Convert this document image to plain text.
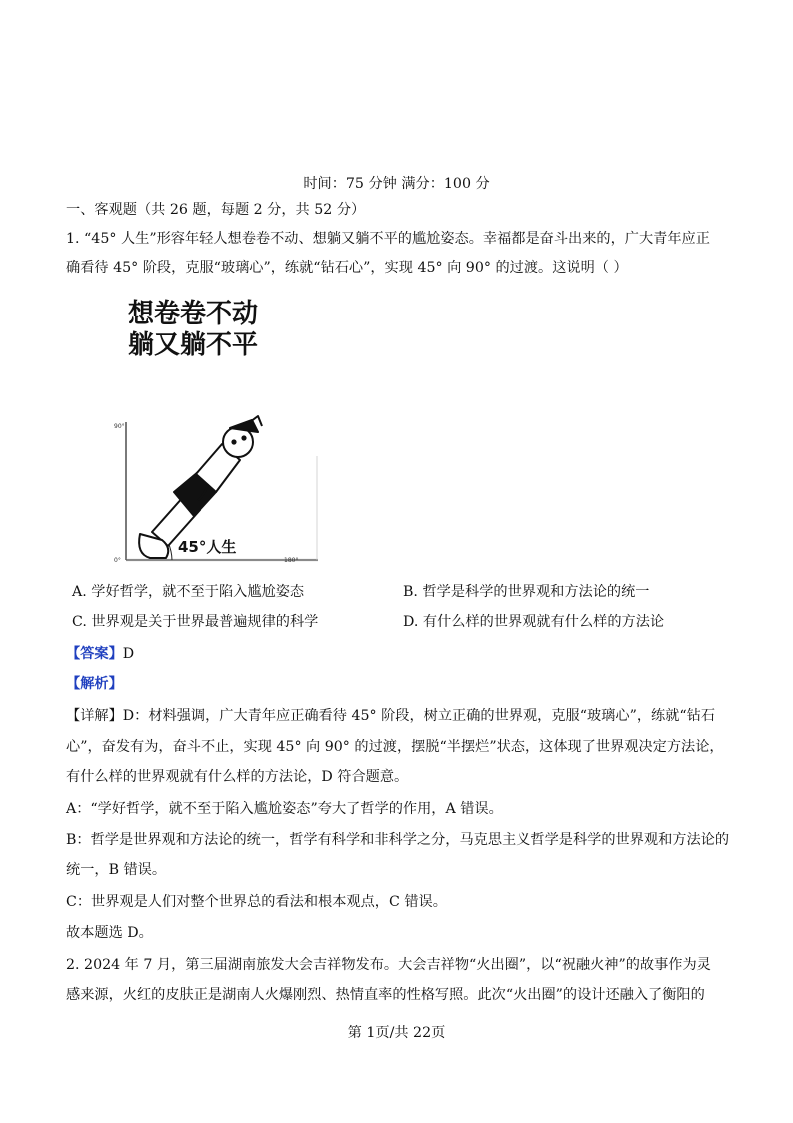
时间：75 分钟 满分：100 分
一、客观题（共 26 题，每题 2 分，共 52 分）
1. “45° 人生”形容年轻人想卷卷不动、想躺又躺不平的尴尬姿态。幸福都是奋斗出来的，广大青年应正
确看待 45° 阶段，克服“玻璃心”，练就“钻石心”，实现 45° 向 90° 的过渡。这说明（ ）
想卷卷不动
躺又躺不平
90°
0°	180°
45°人生
A. 学好哲学，就不至于陷入尴尬姿态	B. 哲学是科学的世界观和方法论的统一
C. 世界观是关于世界最普遍规律的科学	D. 有什么样的世界观就有什么样的方法论
【答案】D
【解析】
【详解】D：材料强调，广大青年应正确看待 45° 阶段，树立正确的世界观，克服“玻璃心”，练就“钻石
心”，奋发有为，奋斗不止，实现 45° 向 90° 的过渡，摆脱“半摆烂”状态，这体现了世界观决定方法论，
有什么样的世界观就有什么样的方法论，D 符合题意。
A：“学好哲学，就不至于陷入尴尬姿态”夸大了哲学的作用，A 错误。
B：哲学是世界观和方法论的统一，哲学有科学和非科学之分，马克思主义哲学是科学的世界观和方法论的
统一，B 错误。
C：世界观是人们对整个世界总的看法和根本观点，C 错误。
故本题选 D。
2. 2024 年 7 月，第三届湖南旅发大会吉祥物发布。大会吉祥物“火出圈”，以“祝融火神”的故事作为灵
感来源，火红的皮肤正是湖南人火爆刚烈、热情直率的性格写照。此次“火出圈”的设计还融入了衡阳的
第 1页/共 22页
